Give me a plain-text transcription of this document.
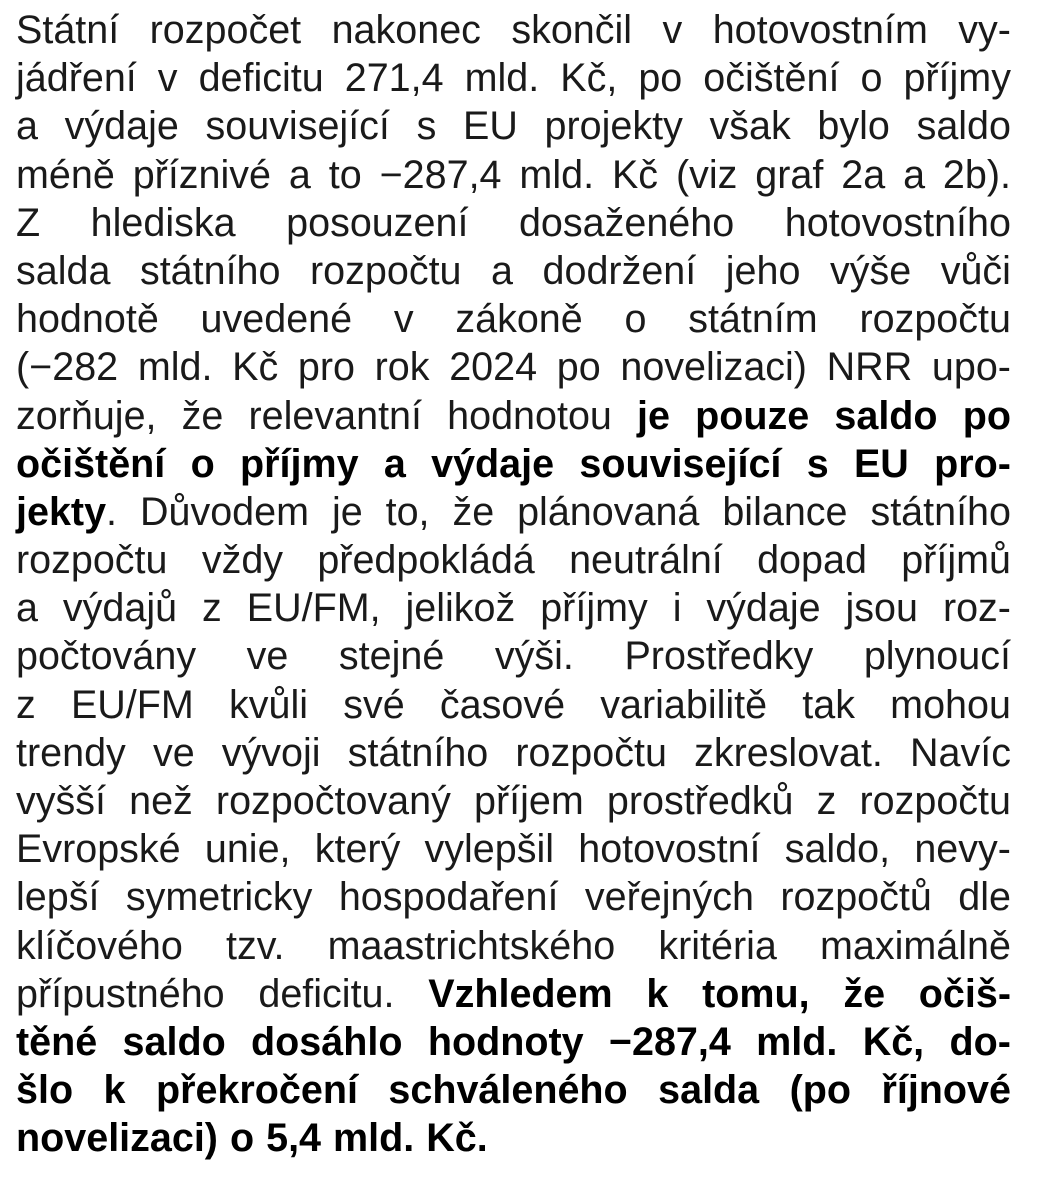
Státní rozpočet nakonec skončil v hotovostním vy-
jádření v deficitu 271,4 mld. Kč, po očištění o příjmy
a výdaje související s EU projekty však bylo saldo
méně příznivé a to −287,4 mld. Kč (viz graf 2a a 2b).
Z hlediska posouzení dosaženého hotovostního
salda státního rozpočtu a dodržení jeho výše vůči
hodnotě uvedené v zákoně o státním rozpočtu
(−282 mld. Kč pro rok 2024 po novelizaci) NRR upo-
zorňuje, že relevantní hodnotou je pouze saldo po
očištění o příjmy a výdaje související s EU pro-
jekty. Důvodem je to, že plánovaná bilance státního
rozpočtu vždy předpokládá neutrální dopad příjmů
a výdajů z EU/FM, jelikož příjmy i výdaje jsou roz-
počtovány ve stejné výši. Prostředky plynoucí
z EU/FM kvůli své časové variabilitě tak mohou
trendy ve vývoji státního rozpočtu zkreslovat. Navíc
vyšší než rozpočtovaný příjem prostředků z rozpočtu
Evropské unie, který vylepšil hotovostní saldo, nevy-
lepší symetricky hospodaření veřejných rozpočtů dle
klíčového tzv. maastrichtského kritéria maximálně
přípustného deficitu. Vzhledem k tomu, že očiš-
těné saldo dosáhlo hodnoty −287,4 mld. Kč, do-
šlo k překročení schváleného salda (po říjnové
novelizaci) o 5,4 mld. Kč.
